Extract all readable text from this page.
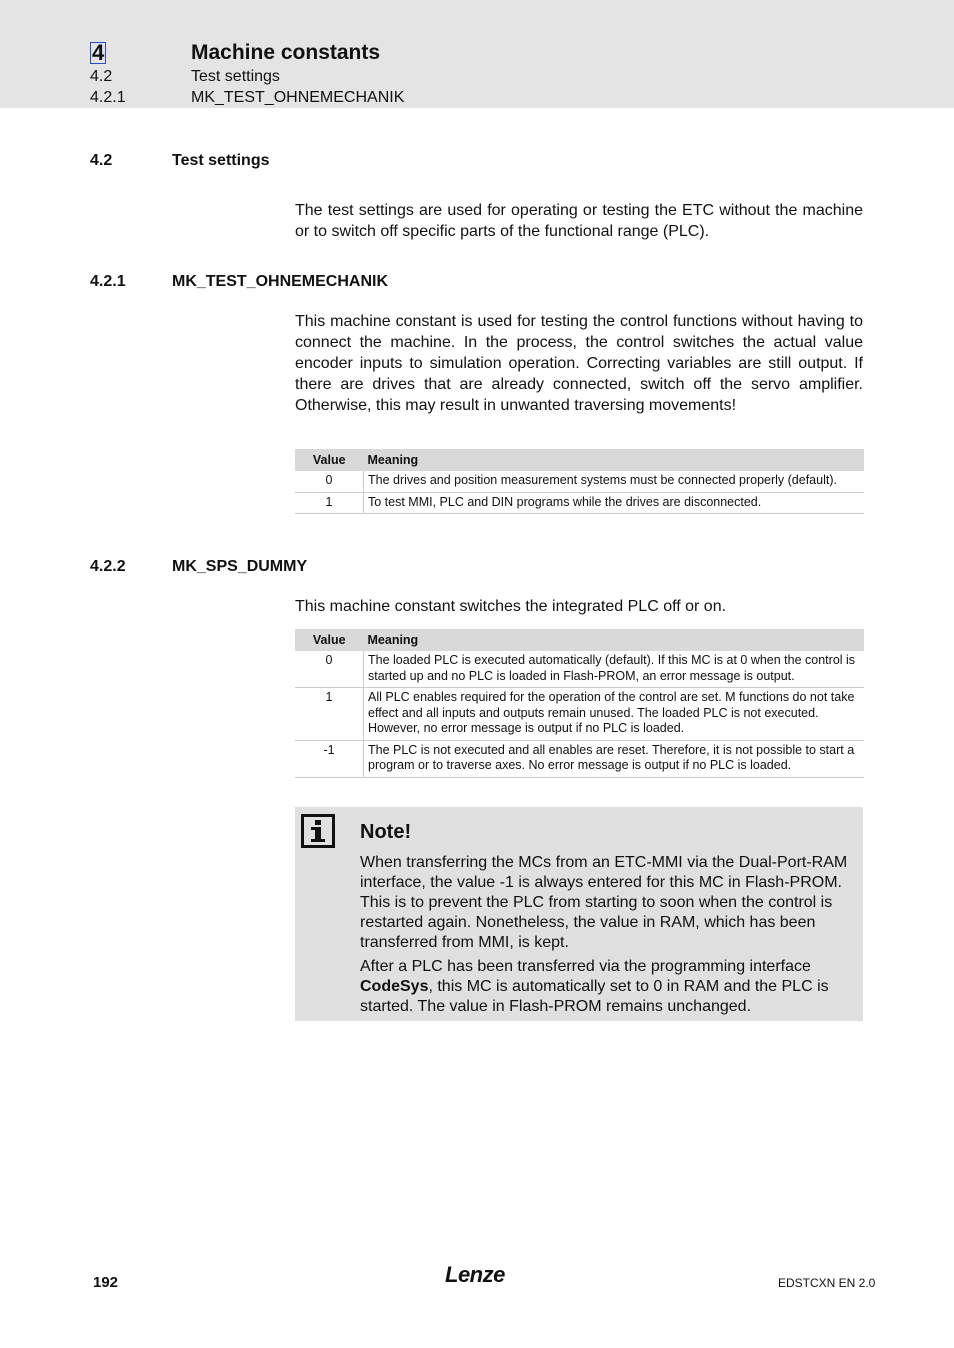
4	Machine constants
4.2	Test settings
4.2.1	MK_TEST_OHNEMECHANIK
4.2	Test settings
The test settings are used for operating or testing the ETC without the machine or to switch off specific parts of the functional range (PLC).
4.2.1	MK_TEST_OHNEMECHANIK
This machine constant is used for testing the control functions without having to connect the machine. In the process, the control switches the actual value encoder inputs to simulation operation. Correcting variables are still output. If there are drives that are already connected, switch off the servo amplifier. Otherwise, this may result in unwanted traversing movements!
Value	Meaning
0	The drives and position measurement systems must be connected properly (default).
1	To test MMI, PLC and DIN programs while the drives are disconnected.
4.2.2	MK_SPS_DUMMY
This machine constant switches the integrated PLC off or on.
Value	Meaning
0	The loaded PLC is executed automatically (default). If this MC is at 0 when the control is started up and no PLC is loaded in Flash-PROM, an error message is output.
1	All PLC enables required for the operation of the control are set. M functions do not take effect and all inputs and outputs remain unused. The loaded PLC is not executed. However, no error message is output if no PLC is loaded.
-1	The PLC is not executed and all enables are reset. Therefore, it is not possible to start a program or to traverse axes. No error message is output if no PLC is loaded.
Note!
When transferring the MCs from an ETC-MMI via the Dual-Port-RAM interface, the value -1 is always entered for this MC in Flash-PROM. This is to prevent the PLC from starting to soon when the control is restarted again. Nonetheless, the value in RAM, which has been transferred from MMI, is kept.
After a PLC has been transferred via the programming interface CodeSys, this MC is automatically set to 0 in RAM and the PLC is started. The value in Flash-PROM remains unchanged.
192	Lenze	EDSTCXN EN 2.0
